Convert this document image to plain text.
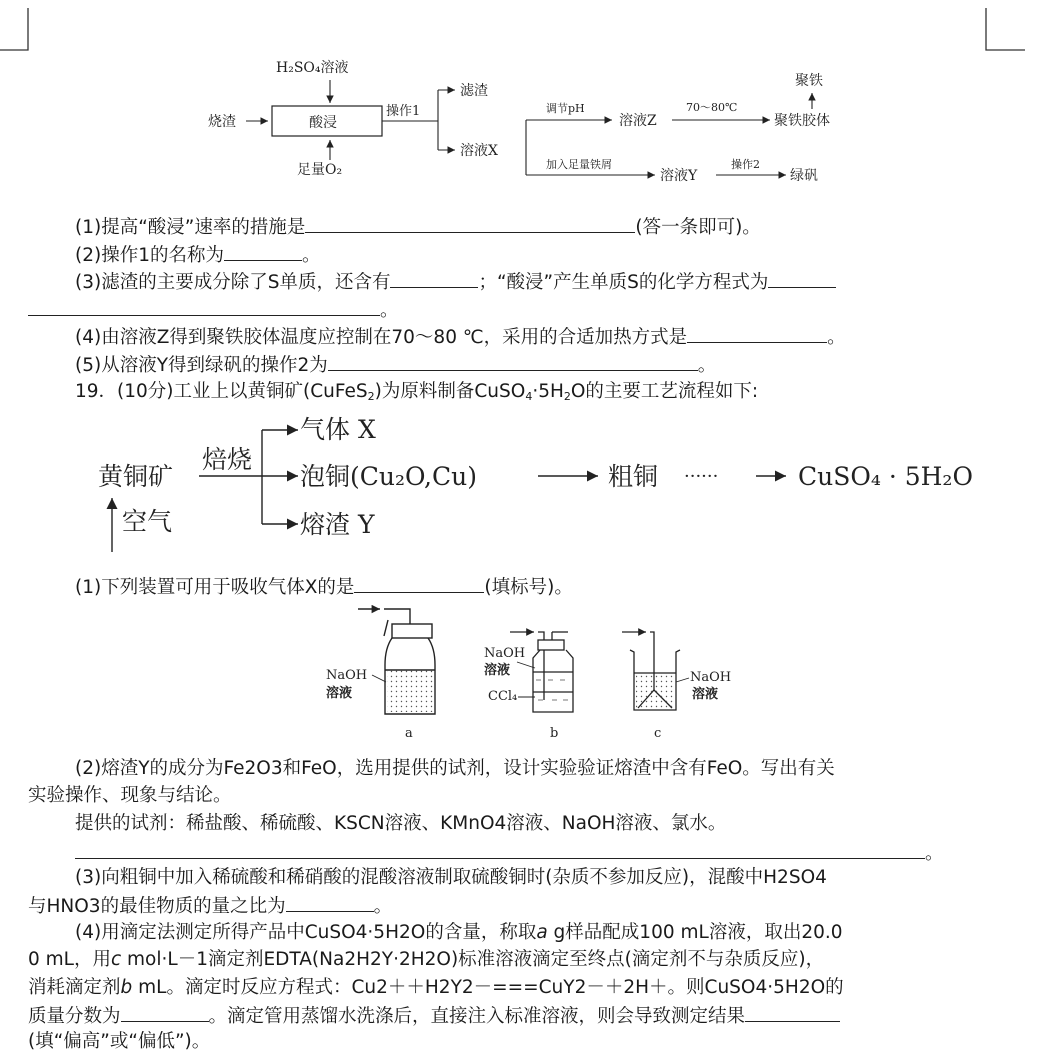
H₂SO₄溶液
烧渣	酸浸
足量O₂
操作1
滤渣
溶液X
调节pH
溶液Z
70～80℃
聚铁胶体
聚铁
加入足量铁屑
溶液Y
操作2
绿矾
(1)提高“酸浸”速率的措施是	(答一条即可)。
(2)操作1的名称为	。
(3)滤渣的主要成分除了S单质，还含有	；“酸浸”产生单质S的化学方程式为
。
(4)由溶液Z得到聚铁胶体温度应控制在70～80 ℃，采用的合适加热方式是	。
(5)从溶液Y得到绿矾的操作2为	。
19．(10分)工业上以黄铜矿(CuFeS$_2$)为原料制备$CuSO_4\cdot 5H_2O$的主要工艺流程如下:
黄铜矿
焙烧
气体 X
泡铜(Cu₂O,Cu)	粗铜 ······	CuSO₄ · 5H₂O
熔渣 Y
空气
(1)下列装置可用于吸收气体X的是	(填标号)。
NaOH
溶液
NaOH
溶液
CCl₄
NaOH
溶液
a	b	c
(2)熔渣Y的成分为Fe2O3和FeO，选用提供的试剂，设计实验验证熔渣中含有FeO。写出有关
实验操作、现象与结论。
提供的试剂：稀盐酸、稀硫酸、KSCN溶液、KMnO4溶液、NaOH溶液、氯水。
。
(3)向粗铜中加入稀硫酸和稀硝酸的混酸溶液制取硫酸铜时(杂质不参加反应)，混酸中H2SO4
与HNO3的最佳物质的量之比为	。
(4)用滴定法测定所得产品中CuSO4·5H2O的含量，称取a g样品配成100 mL溶液，取出20.0
0 mL，用c mol·L－1滴定剂EDTA(Na2H2Y·2H2O)标准溶液滴定至终点(滴定剂不与杂质反应)，
消耗滴定剂b mL。滴定时反应方程式：Cu2＋＋H2Y2－===CuY2－＋2H＋。则CuSO4·5H2O的
质量分数为	。滴定管用蒸馏水洗涤后，直接注入标准溶液，则会导致测定结果
(填“偏高”或“偏低”)。
